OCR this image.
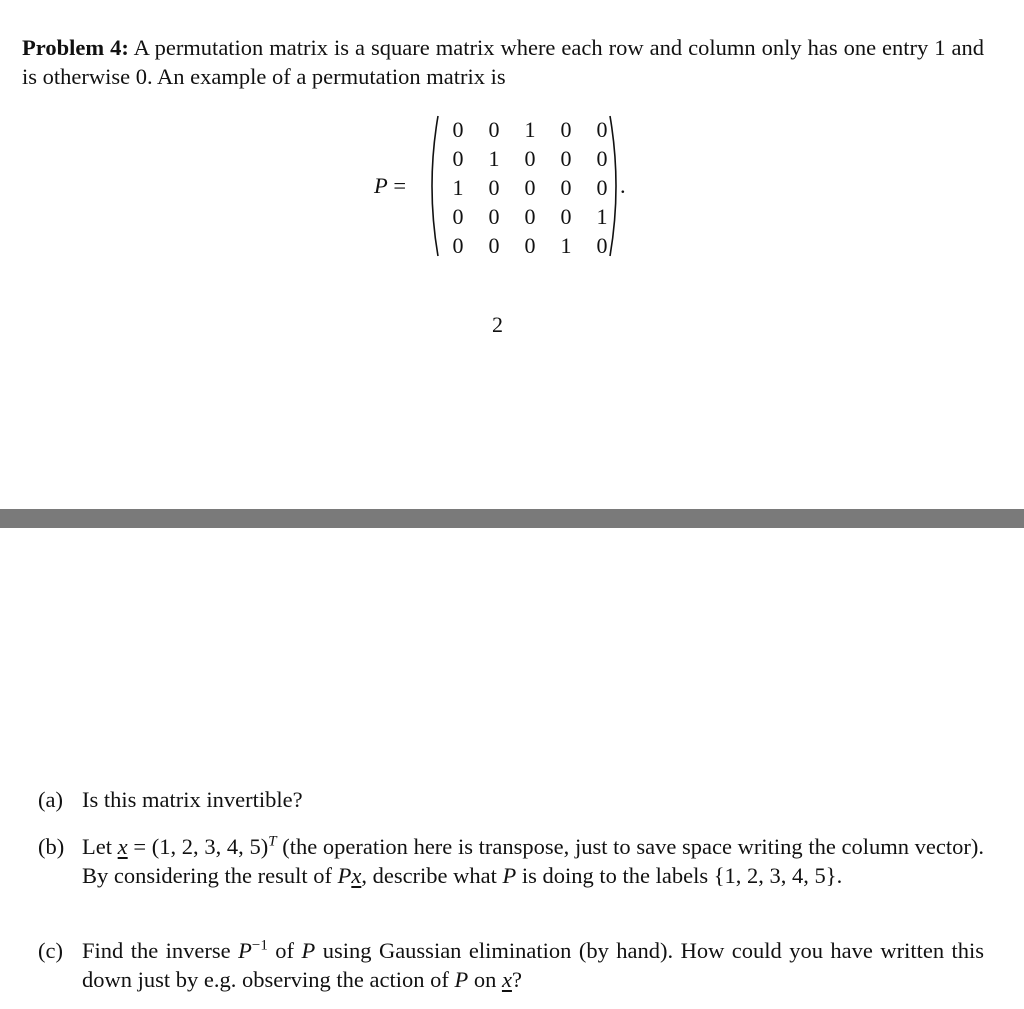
Problem 4: A permutation matrix is a square matrix where each row and column only has one entry 1 and is otherwise 0. An example of a permutation matrix is

P =
0	0	1	0	0
0	1	0	0	0
1	0	0	0	0
0	0	0	0	1
0	0	0	1	0
.
2
(a) Is this matrix invertible?
(b) Let x = (1, 2, 3, 4, 5)$^T$ (the operation here is transpose, just to save space writing the column vector). By considering the result of Px, describe what P is doing to the labels {1, 2, 3, 4, 5}.
(c) Find the inverse $P^{-1}$ of P using Gaussian elimination (by hand). How could you have written this down just by e.g. observing the action of P on x?
